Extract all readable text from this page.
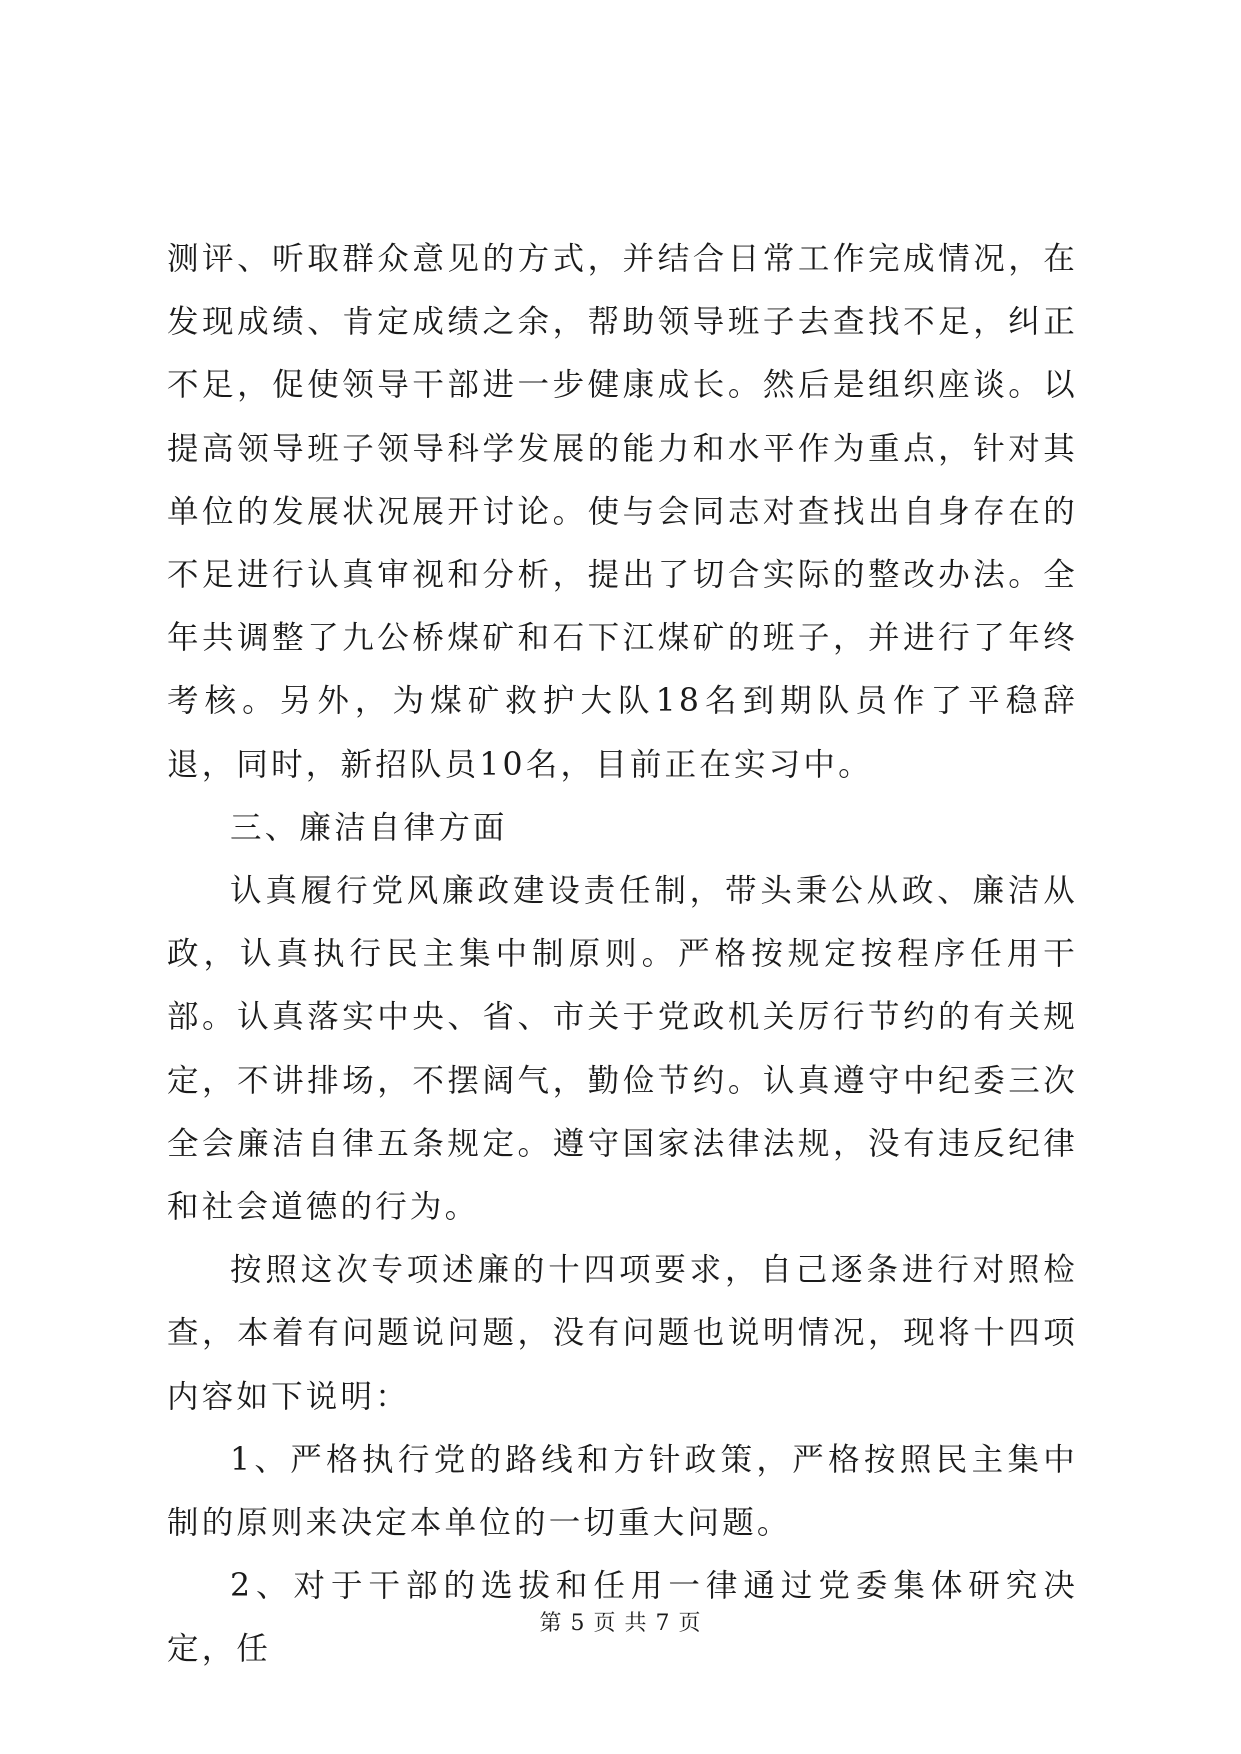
测评、听取群众意见的方式，并结合日常工作完成情况，在发现成绩、肯定成绩之余，帮助领导班子去查找不足，纠正不足，促使领导干部进一步健康成长。然后是组织座谈。以提高领导班子领导科学发展的能力和水平作为重点，针对其单位的发展状况展开讨论。使与会同志对查找出自身存在的不足进行认真审视和分析，提出了切合实际的整改办法。全年共调整了九公桥煤矿和石下江煤矿的班子，并进行了年终考核。另外，为煤矿救护大队18名到期队员作了平稳辞退，同时，新招队员10名，目前正在实习中。

三、廉洁自律方面

认真履行党风廉政建设责任制，带头秉公从政、廉洁从政，认真执行民主集中制原则。严格按规定按程序任用干部。认真落实中央、省、市关于党政机关厉行节约的有关规定，不讲排场，不摆阔气，勤俭节约。认真遵守中纪委三次全会廉洁自律五条规定。遵守国家法律法规，没有违反纪律和社会道德的行为。

按照这次专项述廉的十四项要求，自己逐条进行对照检查，本着有问题说问题，没有问题也说明情况，现将十四项内容如下说明：

1、严格执行党的路线和方针政策，严格按照民主集中制的原则来决定本单位的一切重大问题。

2、对于干部的选拔和任用一律通过党委集体研究决定，任

第 5 页 共 7 页
